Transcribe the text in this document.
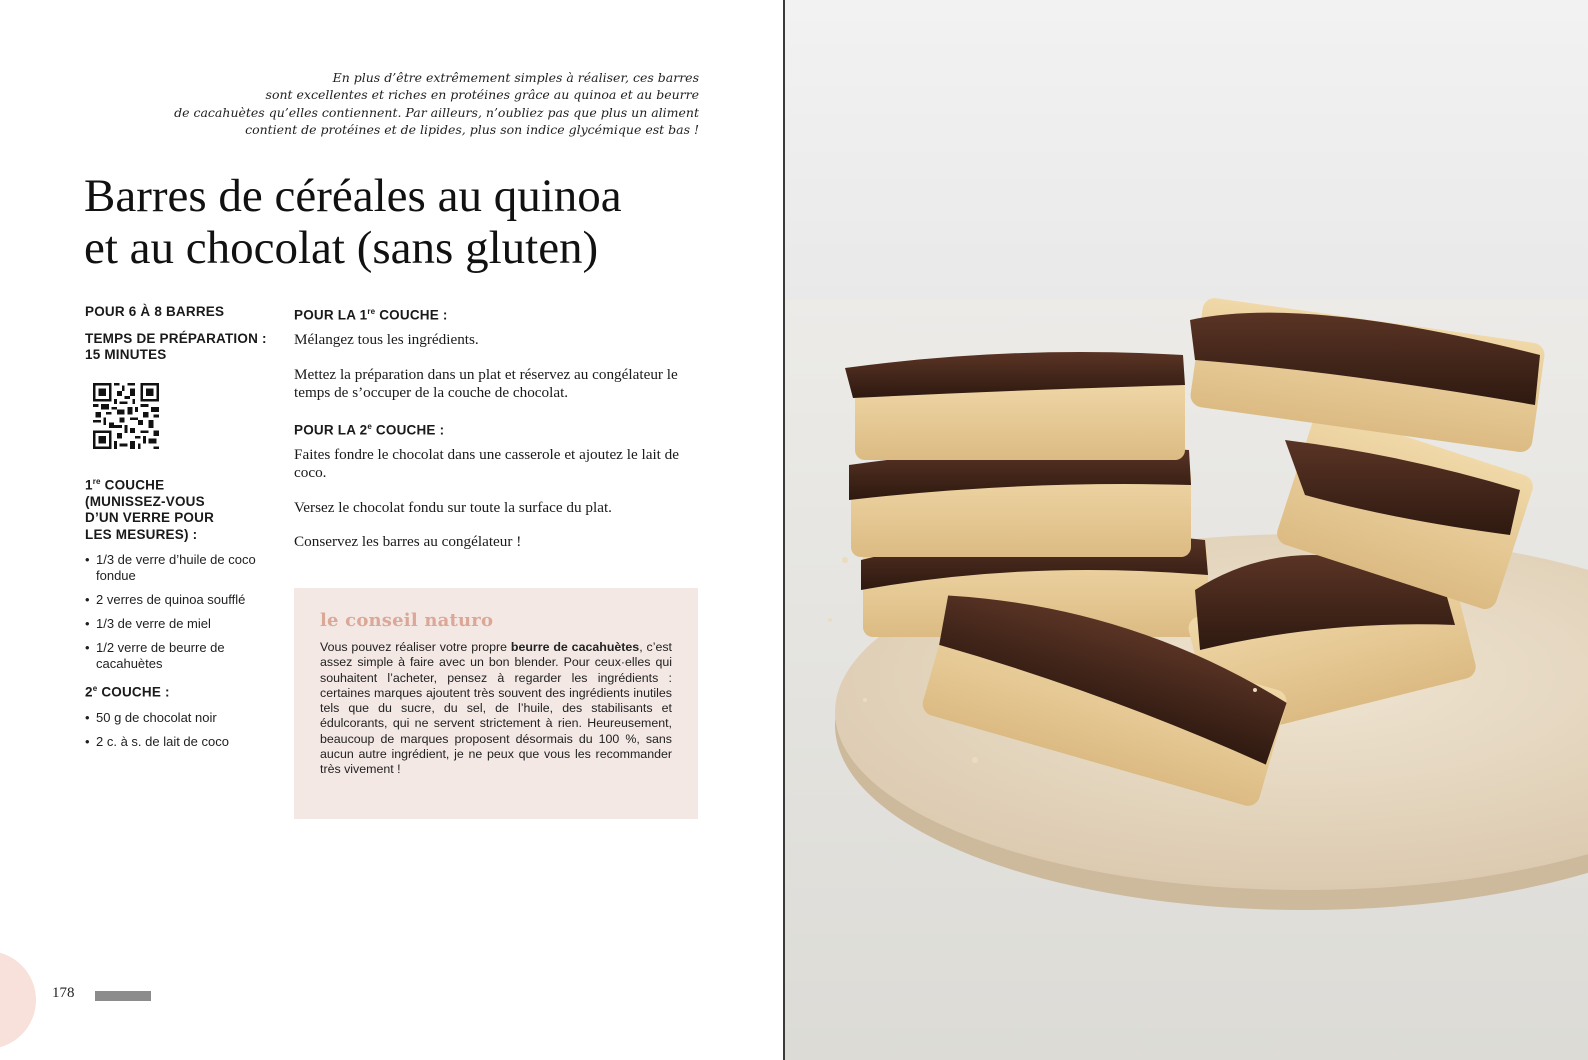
En plus d’être extrêmement simples à réaliser, ces barres
sont excellentes et riches en protéines grâce au quinoa et au beurre
de cacahuètes qu’elles contiennent. Par ailleurs, n’oubliez pas que plus un aliment
contient de protéines et de lipides, plus son indice glycémique est bas !
Barres de céréales au quinoa
et au chocolat (sans gluten)
POUR 6 À 8 BARRES
TEMPS DE PRÉPARATION :
15 MINUTES
1re COUCHE
(MUNISSEZ-VOUS
D’UN VERRE POUR
LES MESURES) :
• 1/3 de verre d’huile de coco fondue
• 2 verres de quinoa soufflé
• 1/3 de verre de miel
• 1/2 verre de beurre de cacahuètes
2e COUCHE :
• 50 g de chocolat noir
• 2 c. à s. de lait de coco
POUR LA 1re COUCHE :

Mélangez tous les ingrédients.

Mettez la préparation dans un plat et réservez au congélateur le temps de s’occuper de la couche de chocolat.

POUR LA 2e COUCHE :

Faites fondre le chocolat dans une casserole et ajoutez le lait de coco.

Versez le chocolat fondu sur toute la surface du plat.

Conservez les barres au congélateur !

le conseil naturo

Vous pouvez réaliser votre propre beurre de cacahuètes, c’est assez simple à faire avec un bon blender. Pour ceux·elles qui souhaitent l’acheter, pensez à regarder les ingrédients : certaines marques ajoutent très souvent des ingrédients inutiles tels que du sucre, du sel, de l’huile, des stabilisants et édulcorants, qui ne servent strictement à rien. Heureusement, beaucoup de marques proposent désormais du 100 %, sans aucun autre ingrédient, je ne peux que vous les recommander très vivement !

178
